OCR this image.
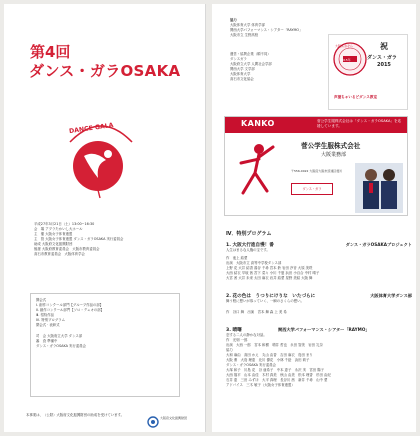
第4回
ダンス・ガラOSAKA
DANCE GALA
平成27年3月21日（土）13:00~16:30
会　場 アプラたかいし大ホール
主　催 大阪女子体育連盟
主　管 大阪女子体育連盟 ダンス・ガラOSAKA 実行委員会
助成 大阪府文化振興財団
後援 大阪府教育委員会　大阪市教育委員会
高石市教育委員会　大阪体育学会
開会式
Ⅰ. 創作コンクール部門【グループ作品の部】
Ⅱ. 創作コンクール部門【ソロ・デュオの部】
Ⅲ. 招待作品
Ⅳ. 特別プログラム
閉会式 · 表彰式
司　会 大阪府立大学 ダンス部
審　査 準備中
ダンス・ガラOSAKA 実行委員会
本事業は、（公財）大阪府文化振興財団の助成を受けています。
大阪府文化振興財団
協力
大阪体育大学 体育学部
関西大学パフォーマンス・シアター「RAYMO」
大阪市立 生野高校
運営・協賛企業（順不同）
ダンスガラ
大阪府立大学 人間社会学部
関西大学 文学部
大阪体育大学
高石市文化協会
2015年
大阪あおぞら	祝
ダンス・ガラ
2015
声援ちゃいるどダンス教室
KANKO	菅公学生服株式会社は「ダンス・ガラOSAKA」を応援しています。
菅公学生服株式会社
大阪業務部
〒556-0022 大阪府大阪市浪速区桜川
ダンス・ガラ
Ⅳ．特別プログラム
1. 大阪大行進自慢！番	ダンス・ガラOSAKAプロジェクト
人生はまるな人権の宝です。
作　池上 結愛
出演　大阪市立 高等中学校ダンス部
上野 花 大井 結香 湯谷 千尋 宮本 鈴 岩田 汐音 大原 美咲
大西 結衣 早坂 茜 宮下 菜々 小川 千夏 浜田 小百合 中村 晴子
大宮 茜 大井 未来 太田 麻衣 岩井 結愛 星野 美結 大阪 舞
2. 花の色は　うつりにけりな　いたづらに	大阪体育大学ダンス部
舞う程に想いが募っていく、一瞬のさくらの想い。
作　谷口 舞　出演　宮本 舞 森 上 美 希
3. 晴曙	関西大学パフォーマンス・シアター「RAYMO」
恋する二人の静かな対話。
作　光畑 一郎
出演　大西 一郎　宮本 和樹　増井 哲也　永田 智美　岩田 礼奈
協力
大和 麻由　高田 かえ　丸山 由香　吉田 麻衣　島田 まり
大阪 薫　大島 理恵　北川 優花　小林 千絵　浜田 莉子
ダンス・ガラOSAKA 実行委員会
大塚 和子　川島 花　谷 亜希子　中本 恵子　永沢 実　宮田 陽子
大西 翔平　山本 由佳　木村 真美　秋山 由美　松本 理香　杉田 由紀
石井 恵　三田 みずほ　大平 真理　長谷川 茜　新井 千尋　山中 愛
アドバイス　三木 敏子（大阪女子体育連盟）
